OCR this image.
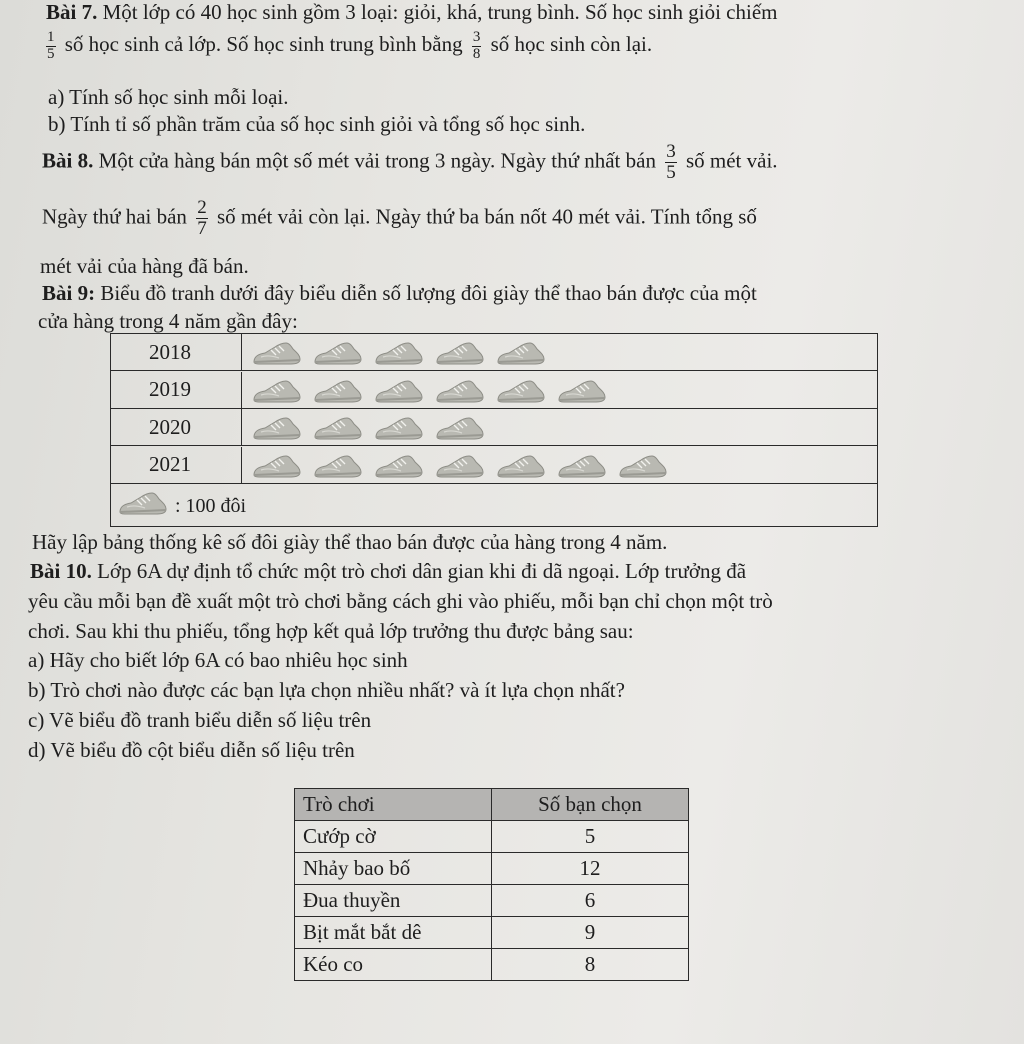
Bài 7. Một lớp có 40 học sinh gồm 3 loại: giỏi, khá, trung bình. Số học sinh giỏi chiếm
$\frac{1}{5}$ số học sinh cả lớp. Số học sinh trung bình bằng $\frac{3}{8}$ số học sinh còn lại.
a) Tính số học sinh mỗi loại.
b) Tính tỉ số phần trăm của số học sinh giỏi và tổng số học sinh.
Bài 8. Một cửa hàng bán một số mét vải trong 3 ngày. Ngày thứ nhất bán $\frac{3}{5}$ số mét vải.
Ngày thứ hai bán $\frac{2}{7}$ số mét vải còn lại. Ngày thứ ba bán nốt 40 mét vải. Tính tổng số
mét vải của hàng đã bán.
Bài 9: Biểu đồ tranh dưới đây biểu diễn số lượng đôi giày thể thao bán được của một
cửa hàng trong 4 năm gần đây:
2018
2019
2020
2021
: 100 đôi
Hãy lập bảng thống kê số đôi giày thể thao bán được của hàng trong 4 năm.
Bài 10. Lớp 6A dự định tổ chức một trò chơi dân gian khi đi dã ngoại. Lớp trưởng đã
yêu cầu mỗi bạn đề xuất một trò chơi bằng cách ghi vào phiếu, mỗi bạn chỉ chọn một trò
chơi. Sau khi thu phiếu, tổng hợp kết quả lớp trưởng thu được bảng sau:
a) Hãy cho biết lớp 6A có bao nhiêu học sinh
b) Trò chơi nào được các bạn lựa chọn nhiều nhất? và ít lựa chọn nhất?
c) Vẽ biểu đồ tranh biểu diễn số liệu trên
d) Vẽ biểu đồ cột biểu diễn số liệu trên
Trò chơi	Số bạn chọn
Cướp cờ	5
Nhảy bao bố	12
Đua thuyền	6
Bịt mắt bắt dê	9
Kéo co	8
